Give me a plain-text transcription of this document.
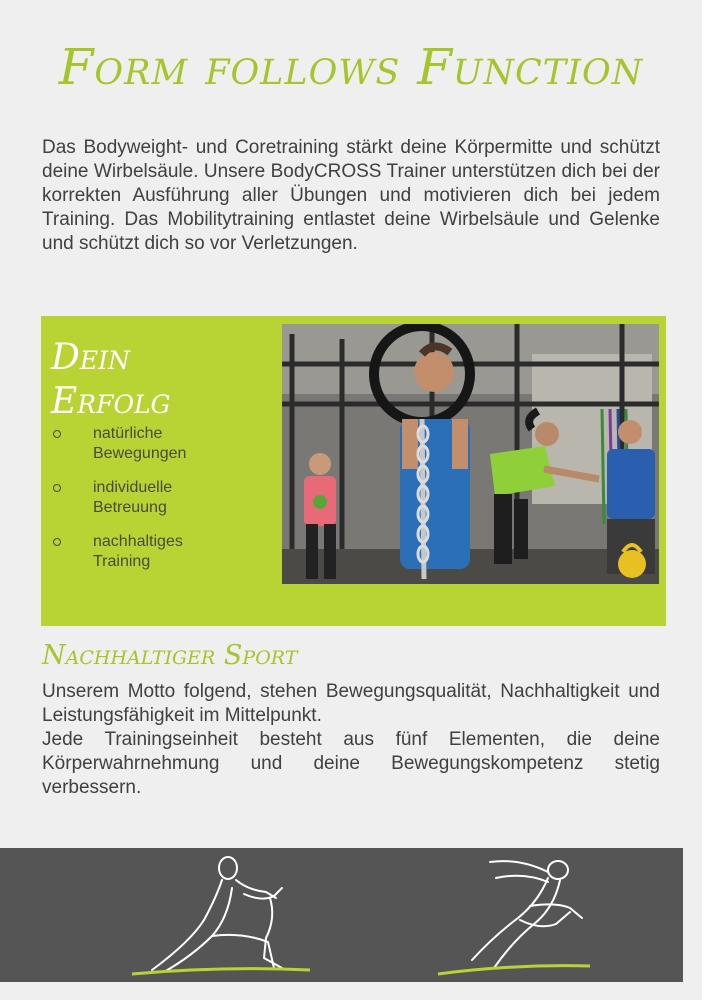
Form follows Function
Das Bodyweight- und Coretraining stärkt deine Körpermitte und schützt deine Wirbelsäule. Unsere BodyCROSS Trainer unterstützen dich bei der korrekten Ausführung aller Übungen und motivieren dich bei jedem Training. Das Mobilitytraining entlastet deine Wirbelsäule und Gelenke und schützt dich so vor Verletzungen.
Dein
Erfolg
natürliche
Bewegungen
individuelle
Betreuung
nachhaltiges
Training
Nachhaltiger Sport

Unserem Motto folgend, stehen Bewegungsqualität, Nachhaltigkeit und Leistungsfähigkeit im Mittelpunkt.

Jede Trainingseinheit besteht aus fünf Elementen, die deine Körperwahrnehmung und deine Bewegungskompetenz stetig verbessern.
